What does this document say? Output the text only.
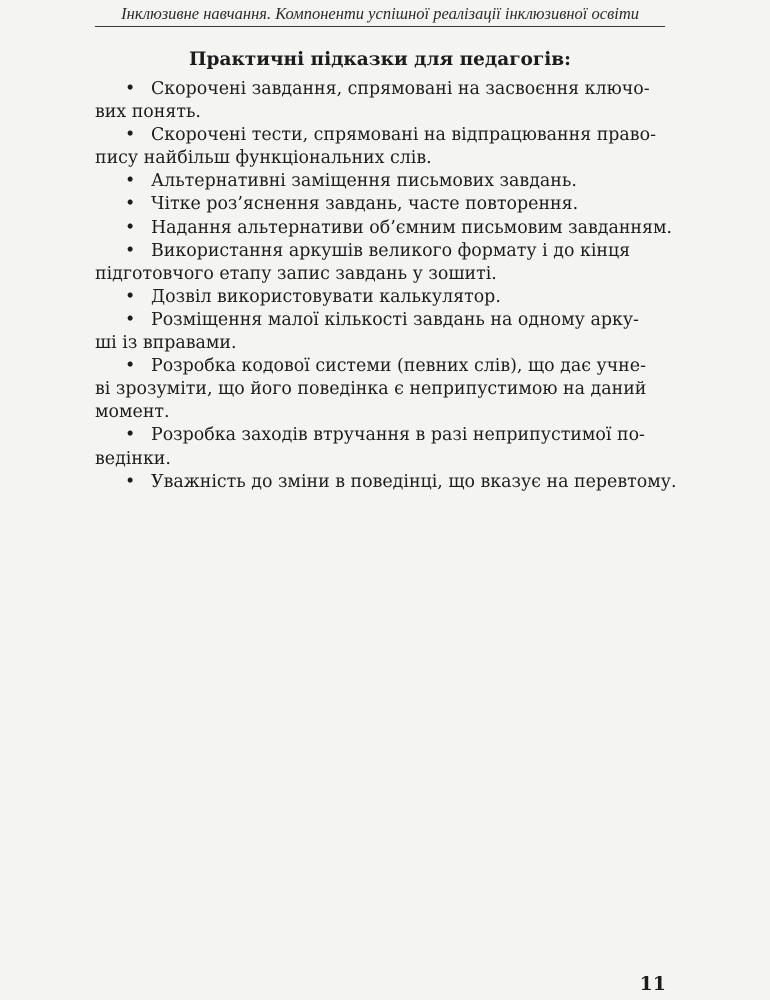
Інклюзивне навчання. Компоненти успішної реалізації інклюзивної освіти
Практичні підказки для педагогів:
• Скорочені завдання, спрямовані на засвоєння ключо-
вих понять.
• Скорочені тести, спрямовані на відпрацювання право-
пису найбільш функціональних слів.
• Альтернативні заміщення письмових завдань.
• Чітке роз’яснення завдань, часте повторення.
• Надання альтернативи об’ємним письмовим завданням.
• Використання аркушів великого формату і до кінця
підготовчого етапу запис завдань у зошиті.
• Дозвіл використовувати калькулятор.
• Розміщення малої кількості завдань на одному арку-
ші із вправами.
• Розробка кодової системи (певних слів), що дає учне-
ві зрозуміти, що його поведінка є неприпустимою на даний
момент.
• Розробка заходів втручання в разі неприпустимої по-
ведінки.
• Уважність до зміни в поведінці, що вказує на перевтому.
11
